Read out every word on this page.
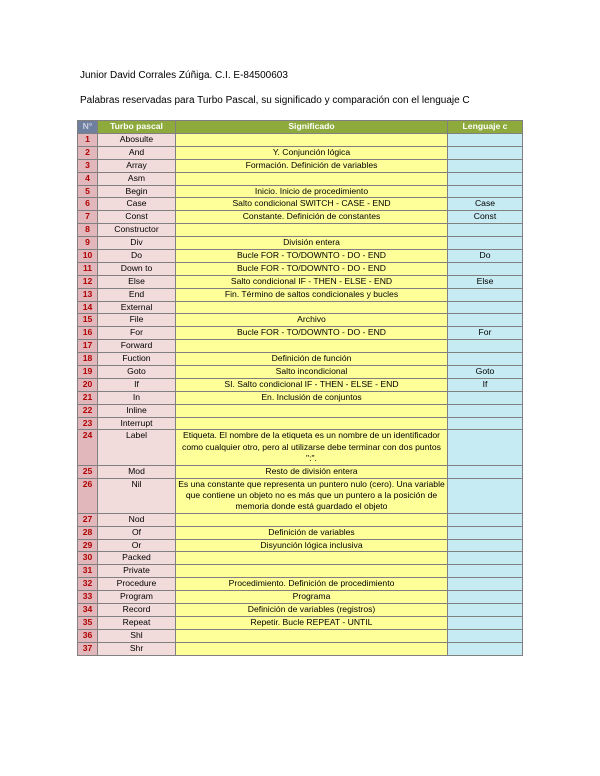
Junior David Corrales Zúñiga. C.I. E-84500603
Palabras reservadas para Turbo Pascal, su significado y comparación con el lenguaje C
N°	Turbo pascal	Significado	Lenguaje c
1	Abosulte		
2	And	Y. Conjunción lógica	
3	Array	Formación. Definición de variables	
4	Asm		
5	Begin	Inicio. Inicio de procedimiento	
6	Case	Salto condicional SWITCH - CASE - END	Case
7	Const	Constante. Definición de constantes	Const
8	Constructor		
9	Div	División entera	
10	Do	Bucle FOR - TO/DOWNTO - DO - END	Do
11	Down to	Bucle FOR - TO/DOWNTO - DO - END	
12	Else	Salto condicional IF - THEN - ELSE - END	Else
13	End	Fin. Término de saltos condicionales y bucles	
14	External		
15	File	Archivo	
16	For	Bucle FOR - TO/DOWNTO - DO - END	For
17	Forward		
18	Fuction	Definición de función	
19	Goto	Salto incondicional	Goto
20	If	SI. Salto condicional IF - THEN - ELSE - END	If
21	In	En. Inclusión de conjuntos	
22	Inline		
23	Interrupt		
24	Label	Etiqueta. El nombre de la etiqueta es un nombre de un identificador como cualquier otro, pero al utilizarse debe terminar con dos puntos ":".	
25	Mod	Resto de división entera	
26	Nil	Es una constante que representa un puntero nulo (cero). Una variable que contiene un objeto no es más que un puntero a la posición de memoria donde está guardado el objeto	
27	Nod		
28	Of	Definición de variables	
29	Or	Disyunción lógica inclusiva	
30	Packed		
31	Private		
32	Procedure	Procedimiento. Definición de procedimiento	
33	Program	Programa	
34	Record	Definición de variables (registros)	
35	Repeat	Repetir. Bucle REPEAT - UNTIL	
36	Shl		
37	Shr		
